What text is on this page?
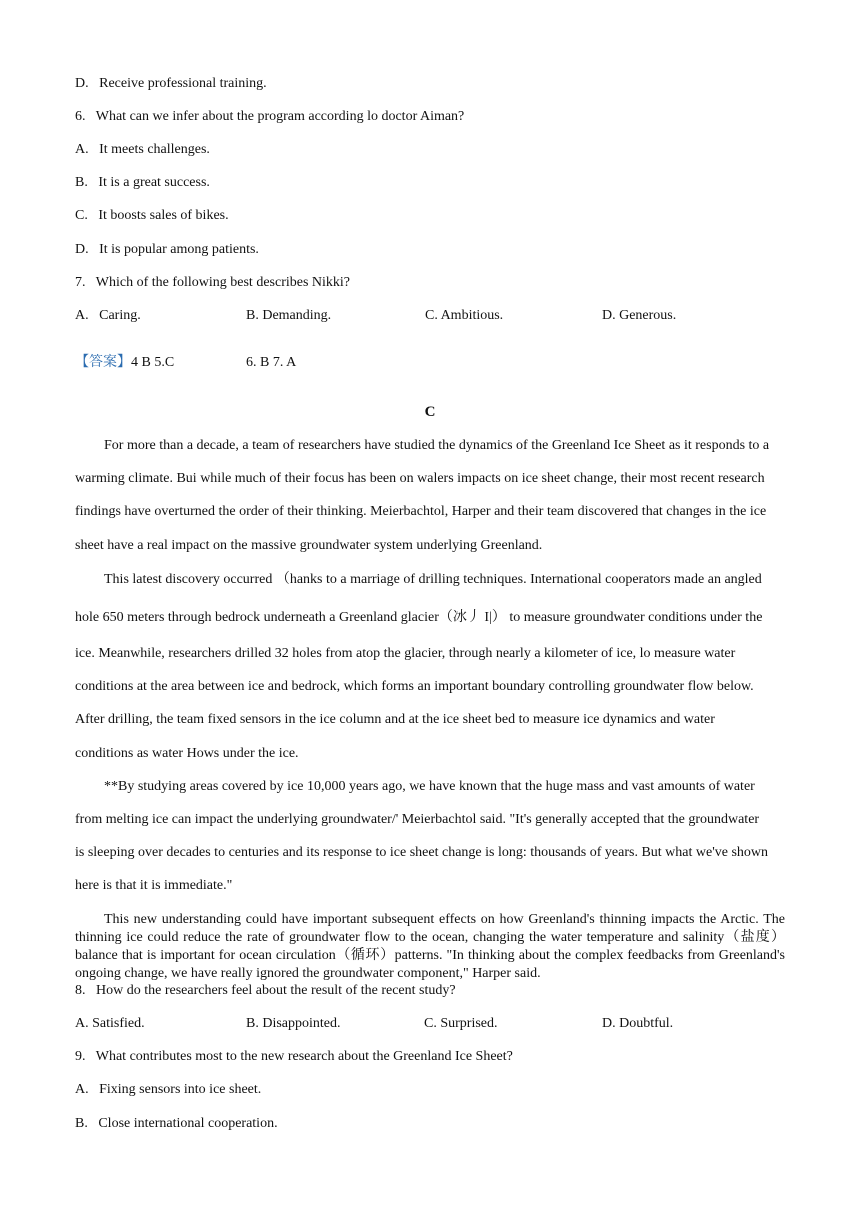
D.  Receive professional training.
6.  What can we infer about the program according lo doctor Aiman?
A.  It meets challenges.
B.  It is a great success.
C.  It boosts sales of bikes.
D.  It is popular among patients.
7.  Which of the following best describes Nikki?
A.  Caring.	B. Demanding.	C. Ambitious.	D. Generous.
【答案】4 B 5.C	6. B 7. A
C
For more than a decade, a team of researchers have studied the dynamics of the Greenland Ice Sheet as it responds to a
warming climate. Bui while much of their focus has been on walers impacts on ice sheet change, their most recent research
findings have overturned the order of their thinking. Meierbachtol, Harper and their team discovered that changes in the ice
sheet have a real impact on the massive groundwater system underlying Greenland.
This latest discovery occurred （hanks to a marriage of drilling techniques. International cooperators made an angled
hole 650 meters through bedrock underneath a Greenland glacier（冰丿 I|） to measure groundwater conditions under the
ice. Meanwhile, researchers drilled 32 holes from atop the glacier, through nearly a kilometer of ice, lo measure water
conditions at the area between ice and bedrock, which forms an important boundary controlling groundwater flow below.
After drilling, the team fixed sensors in the ice column and at the ice sheet bed to measure ice dynamics and water
conditions as water Hows under the ice.
**By studying areas covered by ice 10,000 years ago, we have known that the huge mass and vast amounts of water
from melting ice can impact the underlying groundwater/' Meierbachtol said. "It's generally accepted that the groundwater
is sleeping over decades to centuries and its response to ice sheet change is long: thousands of years. But what we've shown
here is that it is immediate."
This new understanding could have important subsequent effects on how Greenland's thinning impacts the Arctic. The thinning ice could reduce the rate of groundwater flow to the ocean, changing the water temperature and salinity（盐度）balance that is important for ocean circulation（循环）patterns. "In thinking about the complex feedbacks from Greenland's ongoing change, we have really ignored the groundwater component," Harper said.
8.  How do the researchers feel about the result of the recent study?
A. Satisfied.	B. Disappointed.	C. Surprised.	D. Doubtful.
9.  What contributes most to the new research about the Greenland Ice Sheet?
A.  Fixing sensors into ice sheet.
B.  Close international cooperation.
